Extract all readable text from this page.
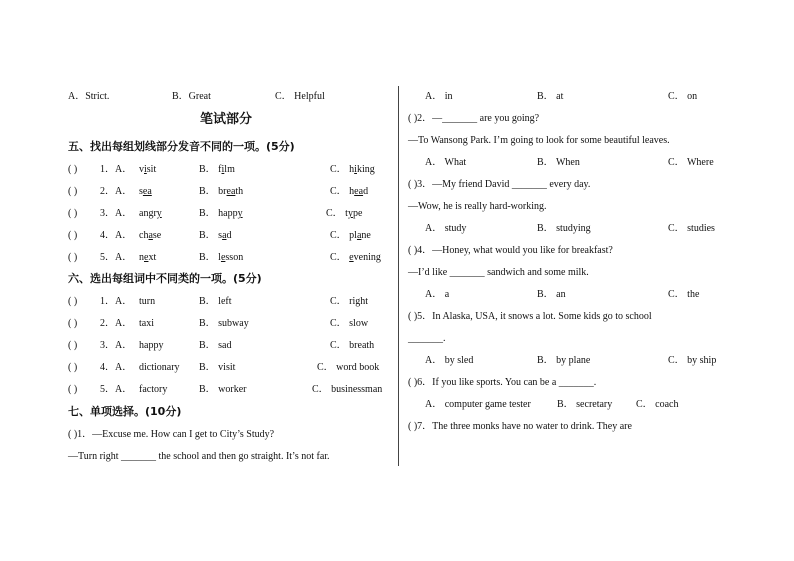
A．Strict.	B．Great	C． Helpful
笔试部分
五、找出每组划线部分发音不同的一项。(5分)
( ) 1．A． visit	B． film	C． hiking
( ) 2．A． sea	B． breath	C． head
( ) 3．A． angry	B． happy	C． type
( ) 4．A． chase	B． sad	C． plane
( ) 5．A． next	B． lesson	C． evening
六、选出每组词中不同类的一项。(5分)
( ) 1．A． turn	B． left	C． right
( ) 2．A． taxi	B． subway	C． slow
( ) 3．A． happy	B． sad	C． breath
( ) 4．A． dictionary B． visit	C． word book
( ) 5．A． factory	B． worker	C． businessman
七、单项选择。(10分)
( )1．—Excuse me. How can I get to City’s Study?
—Turn right _______ the school and then go straight. It’s not far.
A． in	B． at	C． on
( )2．—_______ are you going?
—To Wansong Park. I’m going to look for some beautiful leaves.
A． What	B． When	C． Where
( )3．—My friend David _______ every day.
—Wow, he is really hard-working.
A． study	B． studying	C． studies
( )4．—Honey, what would you like for breakfast?
—I’d like _______ sandwich and some milk.
A． a	B． an	C． the
( )5．In Alaska, USA, it snows a lot. Some kids go to school
_______.
A． by sled	B． by plane	C． by ship
( )6．If you like sports. You can be a _______.
A． computer game tester	B． secretary C． coach
( )7．The three monks have no water to drink. They are
